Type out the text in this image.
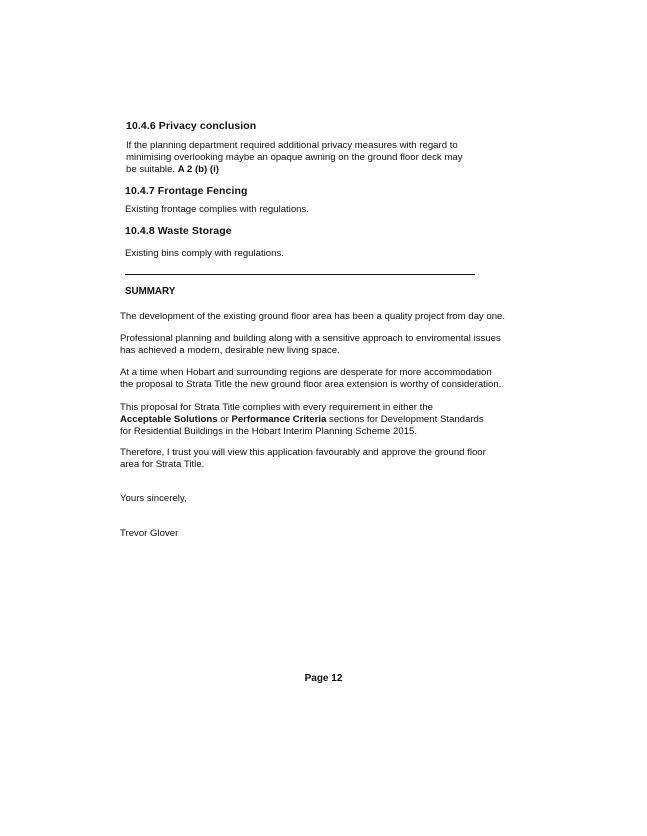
10.4.6 Privacy conclusion
If the planning department required additional privacy measures with regard to
minimising overlooking maybe an opaque awning on the ground floor deck may
be suitable. A 2 (b) (i)
10.4.7 Frontage Fencing
Existing frontage complies with regulations.
10.4.8 Waste Storage
Existing bins comply with regulations.
SUMMARY
The development of the existing ground floor area has been a quality project from day one.
Professional planning and building along with a sensitive approach to enviromental issues
has achieved a modern, desirable new living space.
At a time when Hobart and surrounding regions are desperate for more accommodation
the proposal to Strata Title the new ground floor area extension is worthy of consideration.
This proposal for Strata Title complies with every requirement in either the
Acceptable Solutions or Performance Criteria sections for Development Standards
for Residential Buildings in the Hobart Interim Planning Scheme 2015.
Therefore, I trust you will view this application favourably and approve the ground floor
area for Strata Title.
Yours sincerely,
Trevor Glover
Page 12
